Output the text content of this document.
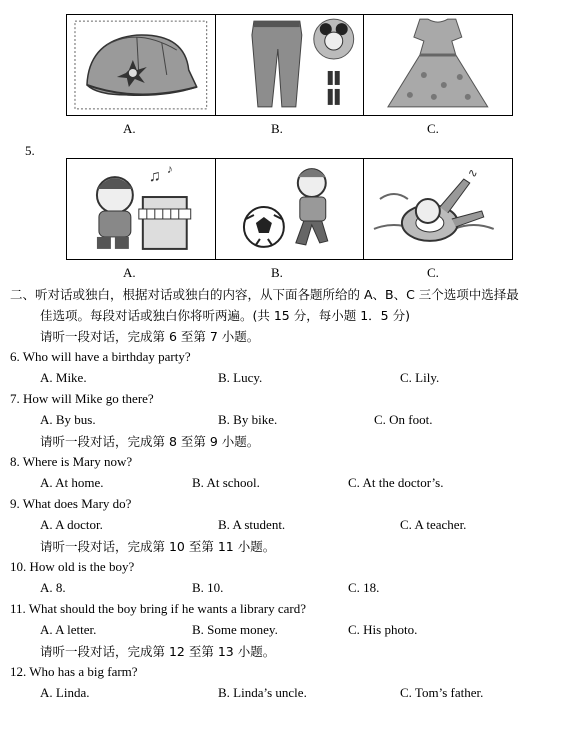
A.	B.	C.
5.
♫ ♪	∿
A.	B.	C.
二、听对话或独白，根据对话或独白的内容，从下面各题所给的 A、B、C 三个选项中选择最
佳选项。每段对话或独白你将听两遍。(共 15 分，每小题 1．5 分)
请听一段对话，完成第 6 至第 7 小题。
6. Who will have a birthday party?
A. Mike.	B. Lucy.	C. Lily.
7. How will Mike go there?
A. By bus.	B. By bike.	C. On foot.
请听一段对话，完成第 8 至第 9 小题。
8. Where is Mary now?
A. At home.	B. At school.	C. At the doctor’s.
9. What does Mary do?
A. A doctor.	B. A student.	C. A teacher.
请听一段对话，完成第 10 至第 11 小题。
10. How old is the boy?
A. 8.	B. 10.	C. 18.
11. What should the boy bring if he wants a library card?
A. A letter.	B. Some money.	C. His photo.
请听一段对话，完成第 12 至第 13 小题。
12. Who has a big farm?
A. Linda.	B. Linda’s uncle.	C. Tom’s father.
